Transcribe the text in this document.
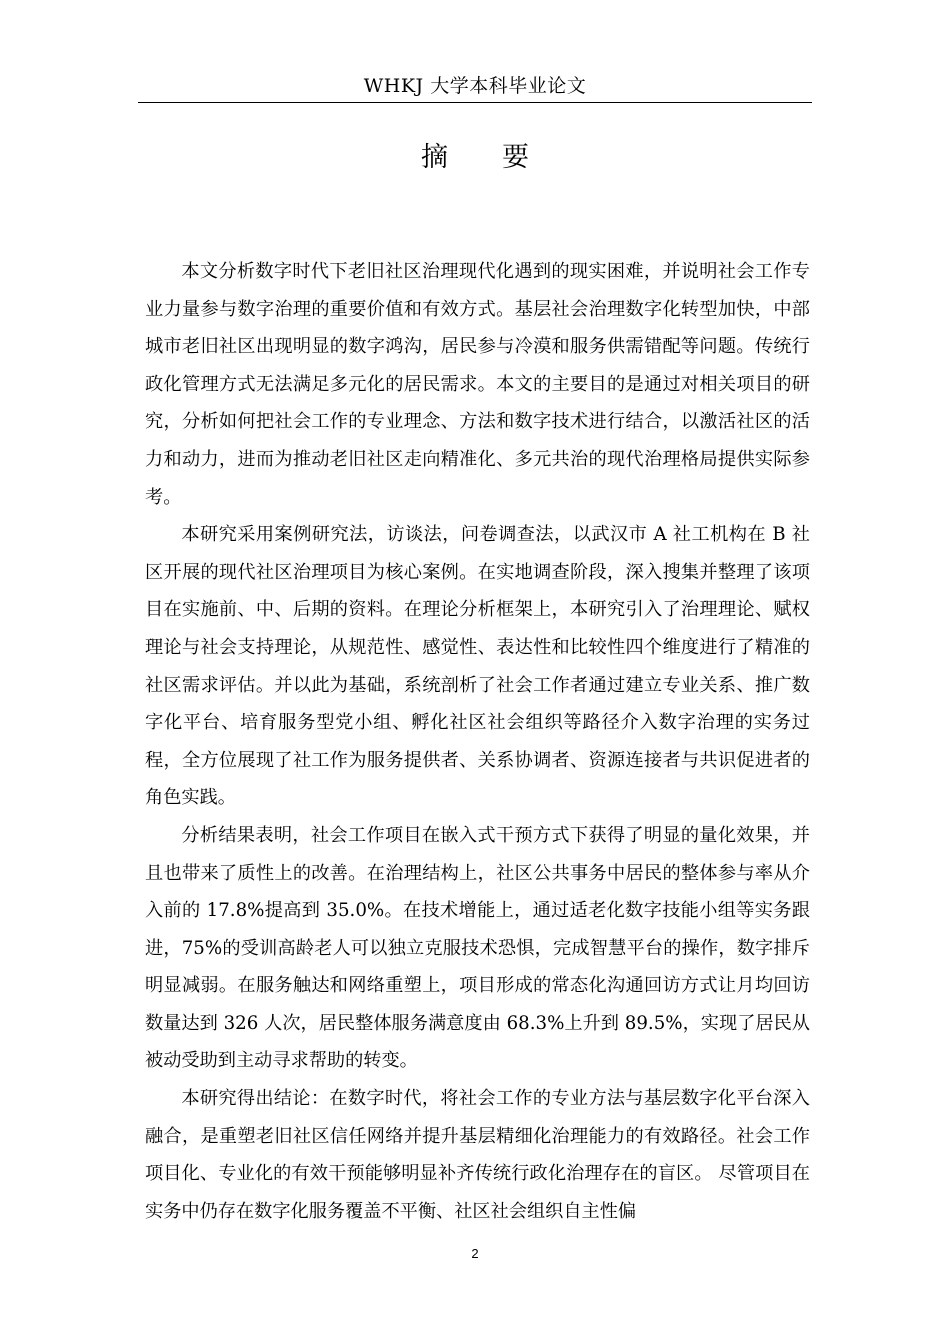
WHKJ 大学本科毕业论文
摘要

本文分析数字时代下老旧社区治理现代化遇到的现实困难，并说明社会工作专业力量参与数字治理的重要价值和有效方式。基层社会治理数字化转型加快，中部城市老旧社区出现明显的数字鸿沟，居民参与冷漠和服务供需错配等问题。传统行政化管理方式无法满足多元化的居民需求。本文的主要目的是通过对相关项目的研究，分析如何把社会工作的专业理念、方法和数字技术进行结合，以激活社区的活力和动力，进而为推动老旧社区走向精准化、多元共治的现代治理格局提供实际参考。

本研究采用案例研究法，访谈法，问卷调查法，以武汉市 A 社工机构在 B 社区开展的现代社区治理项目为核心案例。在实地调查阶段，深入搜集并整理了该项目在实施前、中、后期的资料。在理论分析框架上，本研究引入了治理理论、赋权理论与社会支持理论，从规范性、感觉性、表达性和比较性四个维度进行了精准的社区需求评估。并以此为基础，系统剖析了社会工作者通过建立专业关系、推广数字化平台、培育服务型党小组、孵化社区社会组织等路径介入数字治理的实务过程，全方位展现了社工作为服务提供者、关系协调者、资源连接者与共识促进者的角色实践。

分析结果表明，社会工作项目在嵌入式干预方式下获得了明显的量化效果，并且也带来了质性上的改善。在治理结构上，社区公共事务中居民的整体参与率从介入前的 17.8%提高到 35.0%。在技术增能上，通过适老化数字技能小组等实务跟进，75%的受训高龄老人可以独立克服技术恐惧，完成智慧平台的操作，数字排斥明显减弱。在服务触达和网络重塑上，项目形成的常态化沟通回访方式让月均回访数量达到 326 人次，居民整体服务满意度由 68.3%上升到 89.5%，实现了居民从被动受助到主动寻求帮助的转变。

本研究得出结论：在数字时代，将社会工作的专业方法与基层数字化平台深入融合，是重塑老旧社区信任网络并提升基层精细化治理能力的有效路径。社会工作项目化、专业化的有效干预能够明显补齐传统行政化治理存在的盲区。 尽管项目在实务中仍存在数字化服务覆盖不平衡、社区社会组织自主性偏

2
